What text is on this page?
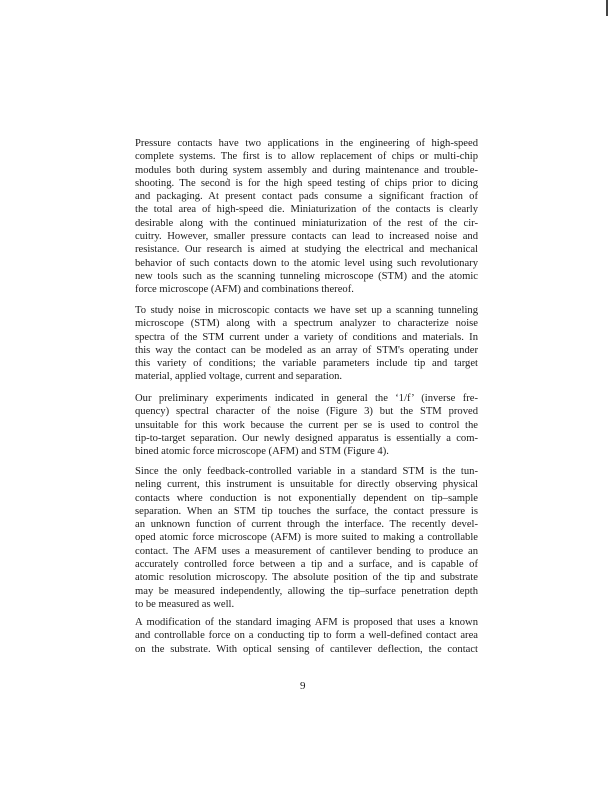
Pressure contacts have two applications in the engineering of high-speed
complete systems. The first is to allow replacement of chips or multi-chip
modules both during system assembly and during maintenance and trouble-
shooting. The second is for the high speed testing of chips prior to dicing
and packaging. At present contact pads consume a significant fraction of
the total area of high-speed die. Miniaturization of the contacts is clearly
desirable along with the continued miniaturization of the rest of the cir-
cuitry. However, smaller pressure contacts can lead to increased noise and
resistance. Our research is aimed at studying the electrical and mechanical
behavior of such contacts down to the atomic level using such revolutionary
new tools such as the scanning tunneling microscope (STM) and the atomic
force microscope (AFM) and combinations thereof.
To study noise in microscopic contacts we have set up a scanning tunneling
microscope (STM) along with a spectrum analyzer to characterize noise
spectra of the STM current under a variety of conditions and materials. In
this way the contact can be modeled as an array of STM's operating under
this variety of conditions; the variable parameters include tip and target
material, applied voltage, current and separation.
Our preliminary experiments indicated in general the ‘1/f’ (inverse fre-
quency) spectral character of the noise (Figure 3) but the STM proved
unsuitable for this work because the current per se is used to control the
tip-to-target separation. Our newly designed apparatus is essentially a com-
bined atomic force microscope (AFM) and STM (Figure 4).
Since the only feedback-controlled variable in a standard STM is the tun-
neling current, this instrument is unsuitable for directly observing physical
contacts where conduction is not exponentially dependent on tip–sample
separation. When an STM tip touches the surface, the contact pressure is
an unknown function of current through the interface. The recently devel-
oped atomic force microscope (AFM) is more suited to making a controllable
contact. The AFM uses a measurement of cantilever bending to produce an
accurately controlled force between a tip and a surface, and is capable of
atomic resolution microscopy. The absolute position of the tip and substrate
may be measured independently, allowing the tip–surface penetration depth
to be measured as well.
A modification of the standard imaging AFM is proposed that uses a known
and controllable force on a conducting tip to form a well-defined contact area
on the substrate. With optical sensing of cantilever deflection, the contact
9
